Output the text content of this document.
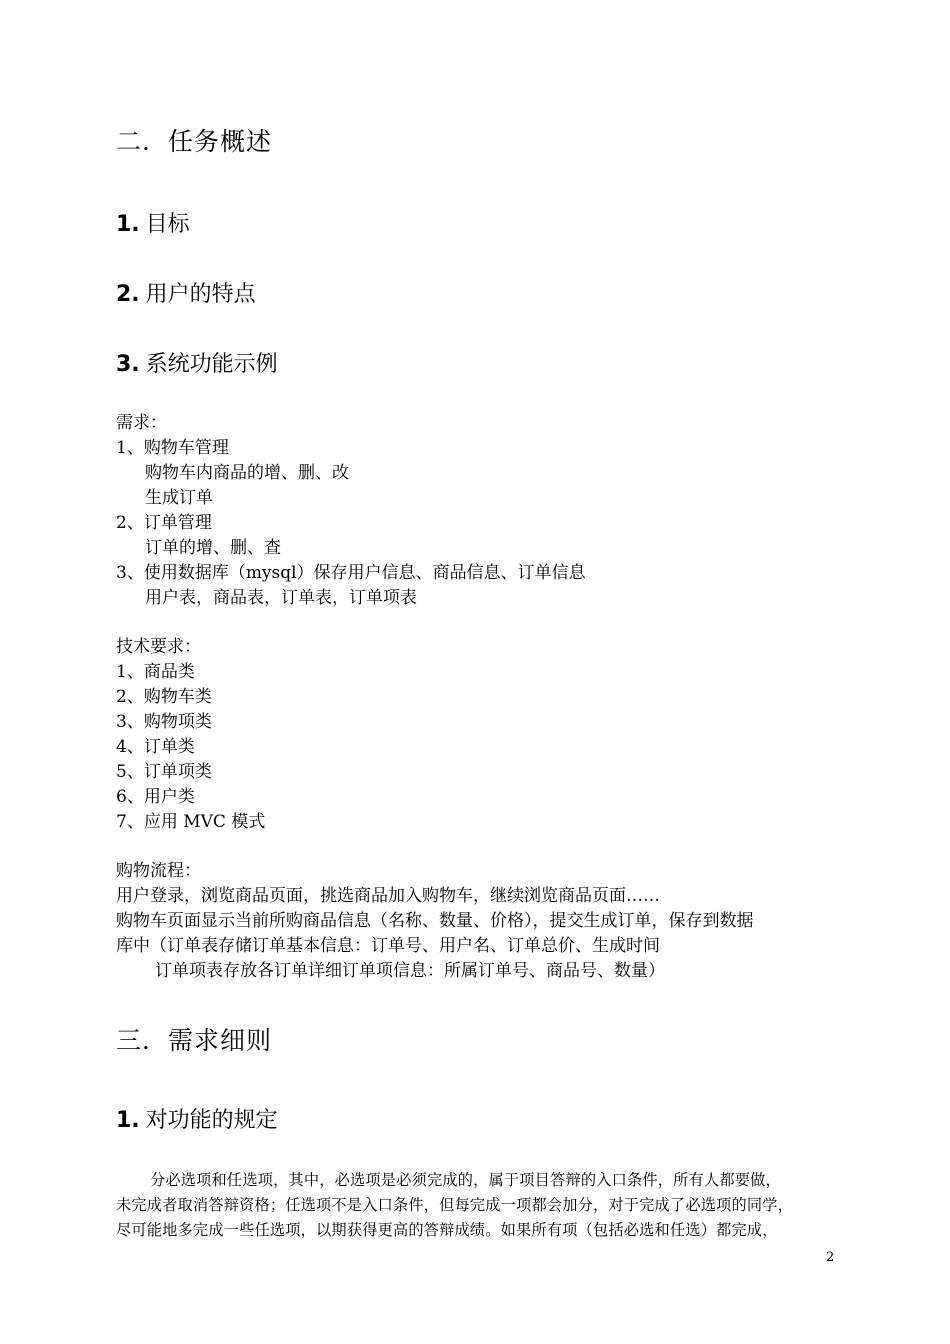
二．任务概述
1. 目标
2. 用户的特点
3. 系统功能示例
需求：
1、购物车管理
购物车内商品的增、删、改
生成订单
2、订单管理
订单的增、删、查
3、使用数据库（mysql）保存用户信息、商品信息、订单信息
用户表，商品表，订单表，订单项表
技术要求：
1、商品类
2、购物车类
3、购物项类
4、订单类
5、订单项类
6、用户类
7、应用 MVC 模式
购物流程：
用户登录，浏览商品页面，挑选商品加入购物车，继续浏览商品页面……
购物车页面显示当前所购商品信息（名称、数量、价格），提交生成订单，保存到数据
库中（订单表存储订单基本信息：订单号、用户名、订单总价、生成时间
订单项表存放各订单详细订单项信息：所属订单号、商品号、数量）
三．需求细则
1. 对功能的规定
分必选项和任选项，其中，必选项是必须完成的，属于项目答辩的入口条件，所有人都要做，
未完成者取消答辩资格；任选项不是入口条件，但每完成一项都会加分，对于完成了必选项的同学，
尽可能地多完成一些任选项，以期获得更高的答辩成绩。如果所有项（包括必选和任选）都完成，
2
